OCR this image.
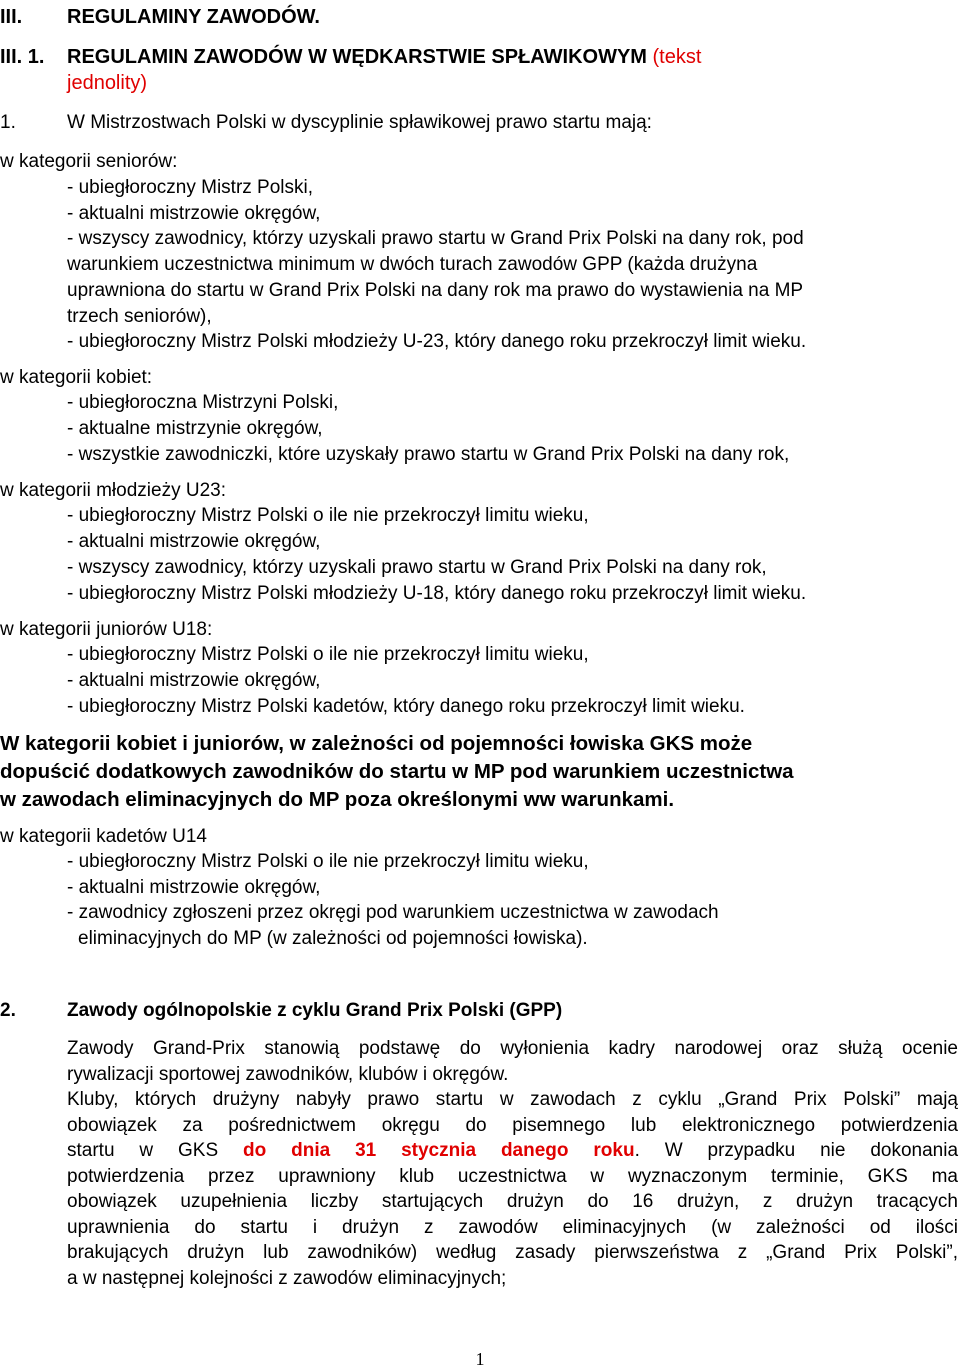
III. REGULAMINY ZAWODÓW.
III. 1. REGULAMIN ZAWODÓW W WĘDKARSTWIE SPŁAWIKOWYM (tekst
jednolity)
1.	W Mistrzostwach Polski w dyscyplinie spławikowej prawo startu mają:
w kategorii seniorów:
- ubiegłoroczny Mistrz Polski,
- aktualni mistrzowie okręgów,
- wszyscy zawodnicy, którzy uzyskali prawo startu w Grand Prix Polski na dany rok, pod
warunkiem uczestnictwa minimum w dwóch turach zawodów GPP (każda drużyna
uprawniona do startu w Grand Prix Polski na dany rok ma prawo do wystawienia na MP
trzech seniorów),
- ubiegłoroczny Mistrz Polski młodzieży U-23, który danego roku przekroczył limit wieku.
w kategorii kobiet:
- ubiegłoroczna Mistrzyni Polski,
- aktualne mistrzynie okręgów,
- wszystkie zawodniczki, które uzyskały prawo startu w Grand Prix Polski na dany rok,
w kategorii młodzieży U23:
- ubiegłoroczny Mistrz Polski o ile nie przekroczył limitu wieku,
- aktualni mistrzowie okręgów,
- wszyscy zawodnicy, którzy uzyskali prawo startu w Grand Prix Polski na dany rok,
- ubiegłoroczny Mistrz Polski młodzieży U-18, który danego roku przekroczył limit wieku.
w kategorii juniorów U18:
- ubiegłoroczny Mistrz Polski o ile nie przekroczył limitu wieku,
- aktualni mistrzowie okręgów,
- ubiegłoroczny Mistrz Polski kadetów, który danego roku przekroczył limit wieku.
W kategorii kobiet i juniorów, w zależności od pojemności łowiska GKS może
dopuścić dodatkowych zawodników do startu w MP pod warunkiem uczestnictwa
w zawodach eliminacyjnych do MP poza określonymi ww warunkami.
w kategorii kadetów U14
- ubiegłoroczny Mistrz Polski o ile nie przekroczył limitu wieku,
- aktualni mistrzowie okręgów,
- zawodnicy zgłoszeni przez okręgi pod warunkiem uczestnictwa w zawodach
eliminacyjnych do MP (w zależności od pojemności łowiska).
2.	Zawody ogólnopolskie z cyklu Grand Prix Polski (GPP)
Zawody Grand-Prix stanowią podstawę do wyłonienia kadry narodowej oraz służą ocenie
rywalizacji sportowej zawodników, klubów i okręgów.
Kluby, których drużyny nabyły prawo startu w zawodach z cyklu „Grand Prix Polski” mają
obowiązek za pośrednictwem okręgu do pisemnego lub elektronicznego potwierdzenia
startu w GKS do dnia 31 stycznia danego roku. W przypadku nie dokonania
potwierdzenia przez uprawniony klub uczestnictwa w wyznaczonym terminie, GKS ma
obowiązek uzupełnienia liczby startujących drużyn do 16 drużyn, z drużyn tracących
uprawnienia do startu i drużyn z zawodów eliminacyjnych (w zależności od ilości
brakujących drużyn lub zawodników) według zasady pierwszeństwa z „Grand Prix Polski”,
a w następnej kolejności z zawodów eliminacyjnych;
1
